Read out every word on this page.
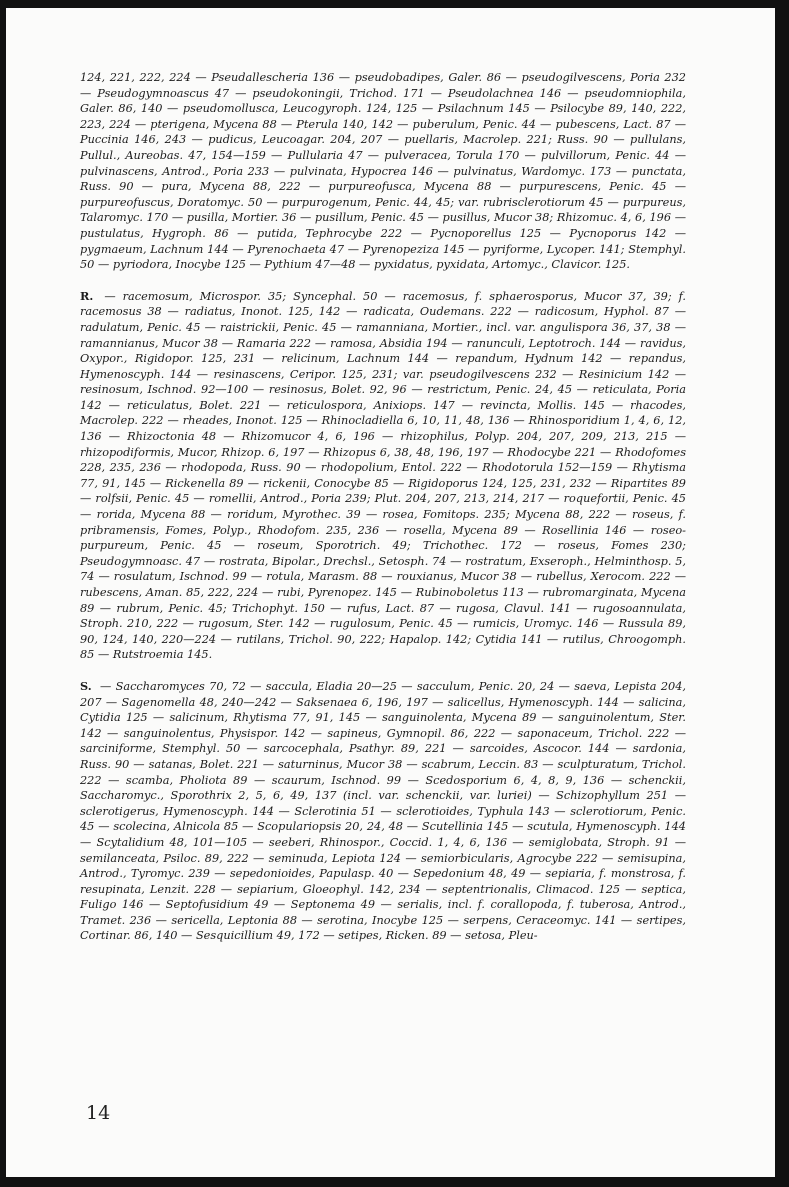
124, 221, 222, 224 — Pseudallescheria 136 — pseudobadipes, Galer. 86 — pseudogilvescens, Poria 232 — Pseudogymnoascus 47 — pseudokoningii, Trichod. 171 — Pseudolachnea 146 — pseudomniophila, Galer. 86, 140 — pseudomollusca, Leucogyroph. 124, 125 — Psilachnum 145 — Psilocybe 89, 140, 222, 223, 224 — pterigena, Mycena 88 — Pterula 140, 142 — puberulum, Penic. 44 — pubescens, Lact. 87 — Puccinia 146, 243 — pudicus, Leucoagar. 204, 207 — puellaris, Macrolep. 221; Russ. 90 — pullulans, Pullul., Aureobas. 47, 154—159 — Pullularia 47 — pulveracea, Torula 170 — pulvillorum, Penic. 44 — pulvinascens, Antrod., Poria 233 — pulvinata, Hypocrea 146 — pulvinatus, Wardomyc. 173 — punctata, Russ. 90 — pura, Mycena 88, 222 — purpureofusca, Mycena 88 — purpurescens, Penic. 45 — purpureofuscus, Doratomyc. 50 — purpurogenum, Penic. 44, 45; var. rubrisclerotiorum 45 — purpureus, Talaromyc. 170 — pusilla, Mortier. 36 — pusillum, Penic. 45 — pusillus, Mucor 38; Rhizomuc. 4, 6, 196 — pustulatus, Hygroph. 86 — putida, Tephrocybe 222 — Pycnoporellus 125 — Pycnoporus 142 — pygmaeum, Lachnum 144 — Pyrenochaeta 47 — Pyrenopeziza 145 — pyriforme, Lycoper. 141; Stemphyl. 50 — pyriodora, Inocybe 125 — Pythium 47—48 — pyxidatus, pyxidata, Artomyc., Clavicor. 125.

R. — racemosum, Microspor. 35; Syncephal. 50 — racemosus, f. sphaerosporus, Mucor 37, 39; f. racemosus 38 — radiatus, Inonot. 125, 142 — radicata, Oudemans. 222 — radicosum, Hyphol. 87 — radulatum, Penic. 45 — raistrickii, Penic. 45 — ramanniana, Mortier., incl. var. angulispora 36, 37, 38 — ramannianus, Mucor 38 — Ramaria 222 — ramosa, Absidia 194 — ranunculi, Leptotroch. 144 — ravidus, Oxypor., Rigidopor. 125, 231 — relicinum, Lachnum 144 — repandum, Hydnum 142 — repandus, Hymenoscyph. 144 — resinascens, Ceripor. 125, 231; var. pseudogilvescens 232 — Resinicium 142 — resinosum, Ischnod. 92—100 — resinosus, Bolet. 92, 96 — restrictum, Penic. 24, 45 — reticulata, Poria 142 — reticulatus, Bolet. 221 — reticulosporа, Anixiops. 147 — revincta, Mollis. 145 — rhacodes, Macrolep. 222 — rheades, Inonot. 125 — Rhinocladiella 6, 10, 11, 48, 136 — Rhinosporidium 1, 4, 6, 12, 136 — Rhizoctonia 48 — Rhizomucor 4, 6, 196 — rhizophilus, Polyp. 204, 207, 209, 213, 215 — rhizopodiformis, Mucor, Rhizop. 6, 197 — Rhizopus 6, 38, 48, 196, 197 — Rhodocybe 221 — Rhodofomes 228, 235, 236 — rhodopoda, Russ. 90 — rhodopolium, Entol. 222 — Rhodotorula 152—159 — Rhytisma 77, 91, 145 — Rickenella 89 — rickenii, Conocybe 85 — Rigidoporus 124, 125, 231, 232 — Ripartites 89 — rolfsii, Penic. 45 — romellii, Antrod., Poria 239; Plut. 204, 207, 213, 214, 217 — roquefortii, Penic. 45 — rorida, Mycena 88 — roridum, Myrothec. 39 — rosea, Fomitops. 235; Mycena 88, 222 — roseus, f. pribramensis, Fomes, Polyp., Rhodofom. 235, 236 — rosella, Mycena 89 — Rosellinia 146 — roseo-purpureum, Penic. 45 — roseum, Sporotrich. 49; Trichothec. 172 — roseus, Fomes 230; Pseudogymnoasc. 47 — rostrata, Bipolar., Drechsl., Setosph. 74 — rostratum, Exseroph., Helminthosp. 5, 74 — rosulatum, Ischnod. 99 — rotula, Marasm. 88 — rouxianus, Mucor 38 — rubellus, Xerocom. 222 — rubescens, Aman. 85, 222, 224 — rubi, Pyrenopez. 145 — Rubinoboletus 113 — rubromarginata, Mycena 89 — rubrum, Penic. 45; Trichophyt. 150 — rufus, Lact. 87 — rugosa, Clavul. 141 — rugosoannulata, Stroph. 210, 222 — rugosum, Ster. 142 — rugulosum, Penic. 45 — rumicis, Uromyc. 146 — Russula 89, 90, 124, 140, 220—224 — rutilans, Trichol. 90, 222; Hapalop. 142; Cytidia 141 — rutilus, Chroogomph. 85 — Rutstroemia 145.

S. — Saccharomyces 70, 72 — saccula, Eladia 20—25 — sacculum, Penic. 20, 24 — saeva, Lepista 204, 207 — Sagenomella 48, 240—242 — Saksenaea 6, 196, 197 — salicellus, Hymenoscyph. 144 — salicina, Cytidia 125 — salicinum, Rhytisma 77, 91, 145 — sanguinolenta, Mycena 89 — sanguinolentum, Ster. 142 — sanguinolentus, Physispor. 142 — sapineus, Gymnopil. 86, 222 — saponaceum, Trichol. 222 — sarciniforme, Stemphyl. 50 — sarcocephala, Psathyr. 89, 221 — sarcoides, Ascocor. 144 — sardonia, Russ. 90 — satanas, Bolet. 221 — saturninus, Mucor 38 — scabrum, Leccin. 83 — sculpturatum, Trichol. 222 — scamba, Pholiota 89 — scaurum, Ischnod. 99 — Scedosporium 6, 4, 8, 9, 136 — schenckii, Saccharomyc., Sporothrix 2, 5, 6, 49, 137 (incl. var. schenckii, var. luriei) — Schizophyllum 251 — sclerotigerus, Hymenoscyph. 144 — Sclerotinia 51 — sclerotioides, Typhula 143 — sclerotiorum, Penic. 45 — scolecina, Alnicola 85 — Scopulariopsis 20, 24, 48 — Scutellinia 145 — scutula, Hymenoscyph. 144 — Scytalidium 48, 101—105 — seeberi, Rhinospor., Coccid. 1, 4, 6, 136 — semiglobata, Stroph. 91 — semilanceata, Psiloc. 89, 222 — seminuda, Lepiota 124 — semiorbicularis, Agrocybe 222 — semisupina, Antrod., Tyromyc. 239 — sepedonioides, Papulasp. 40 — Sepedonium 48, 49 — sepiaria, f. monstrosa, f. resupinata, Lenzit. 228 — sepiarium, Gloeophyl. 142, 234 — septentrionalis, Climacod. 125 — septica, Fuligo 146 — Septofusidium 49 — Septonema 49 — serialis, incl. f. corallopoda, f. tuberosa, Antrod., Tramet. 236 — sericella, Leptonia 88 — serotina, Inocybe 125 — serpens, Ceraceomyc. 141 — sertipes, Cortinar. 86, 140 — Sesquicillium 49, 172 — setipes, Ricken. 89 — setosa, Pleu-

14
